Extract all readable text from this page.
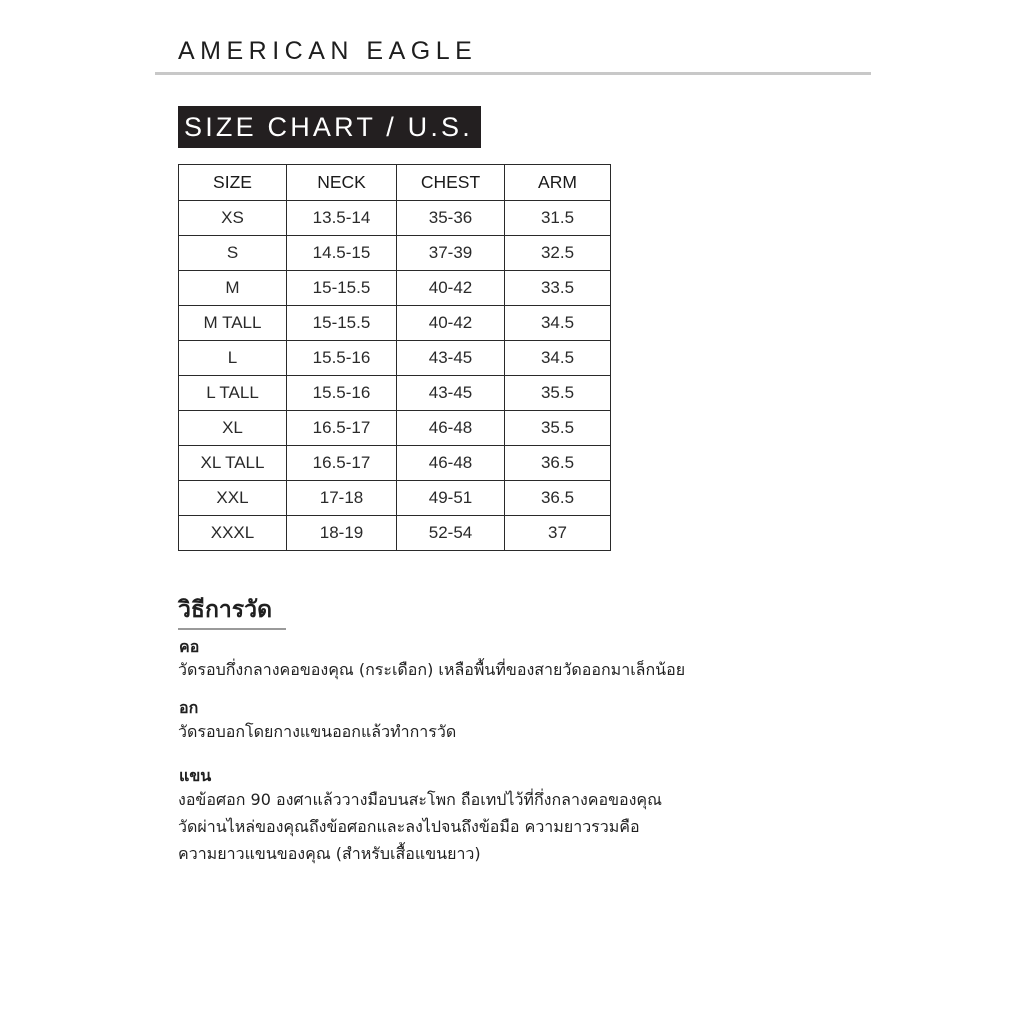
AMERICAN EAGLE
SIZE CHART / U.S.
SIZE	NECK	CHEST	ARM
XS	13.5-14	35-36	31.5
S	14.5-15	37-39	32.5
M	15-15.5	40-42	33.5
M TALL	15-15.5	40-42	34.5
L	15.5-16	43-45	34.5
L TALL	15.5-16	43-45	35.5
XL	16.5-17	46-48	35.5
XL TALL	16.5-17	46-48	36.5
XXL	17-18	49-51	36.5
XXXL	18-19	52-54	37
วิธีการวัด
คอ
วัดรอบกึ่งกลางคอของคุณ (กระเดือก) เหลือพื้นที่ของสายวัดออกมาเล็กน้อย
อก
วัดรอบอกโดยกางแขนออกแล้วทำการวัด
แขน
งอข้อศอก 90 องศาแล้ววางมือบนสะโพก ถือเทปไว้ที่กึ่งกลางคอของคุณ
วัดผ่านไหล่ของคุณถึงข้อศอกและลงไปจนถึงข้อมือ ความยาวรวมคือ
ความยาวแขนของคุณ (สำหรับเสื้อแขนยาว)
